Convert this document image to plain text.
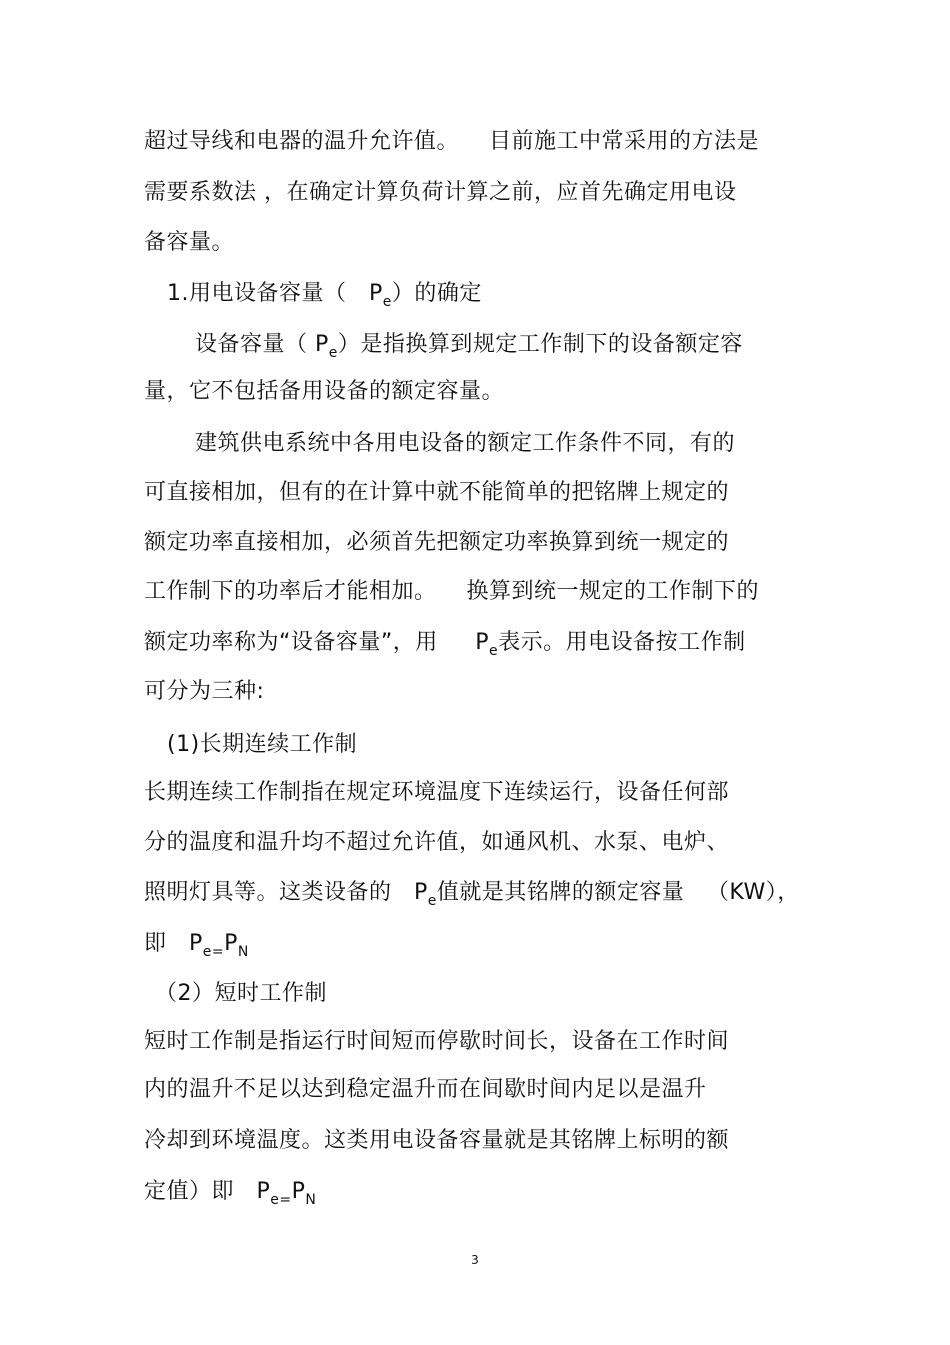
超过导线和电器的温升允许值。    目前施工中常采用的方法是
需要系数法 ，在确定计算负荷计算之前，应首先确定用电设
备容量。
1.用电设备容量（   $P_e$）的确定
设备容量（ $P_e$）是指换算到规定工作制下的设备额定容
量，它不包括备用设备的额定容量。
建筑供电系统中各用电设备的额定工作条件不同，有的
可直接相加，但有的在计算中就不能简单的把铭牌上规定的
额定功率直接相加，必须首先把额定功率换算到统一规定的
工作制下的功率后才能相加。    换算到统一规定的工作制下的
额定功率称为“设备容量”，用     $P_e$表示。用电设备按工作制
可分为三种:
(1)长期连续工作制
长期连续工作制指在规定环境温度下连续运行，设备任何部
分的温度和温升均不超过允许值，如通风机、水泵、电炉、
照明灯具等。这类设备的   $P_e$值就是其铭牌的额定容量   （KW），
即   $P_{e=}P_N$
（2）短时工作制
短时工作制是指运行时间短而停歇时间长，设备在工作时间
内的温升不足以达到稳定温升而在间歇时间内足以是温升
冷却到环境温度。这类用电设备容量就是其铭牌上标明的额
定值）即   $P_{e=}P_N$
3
